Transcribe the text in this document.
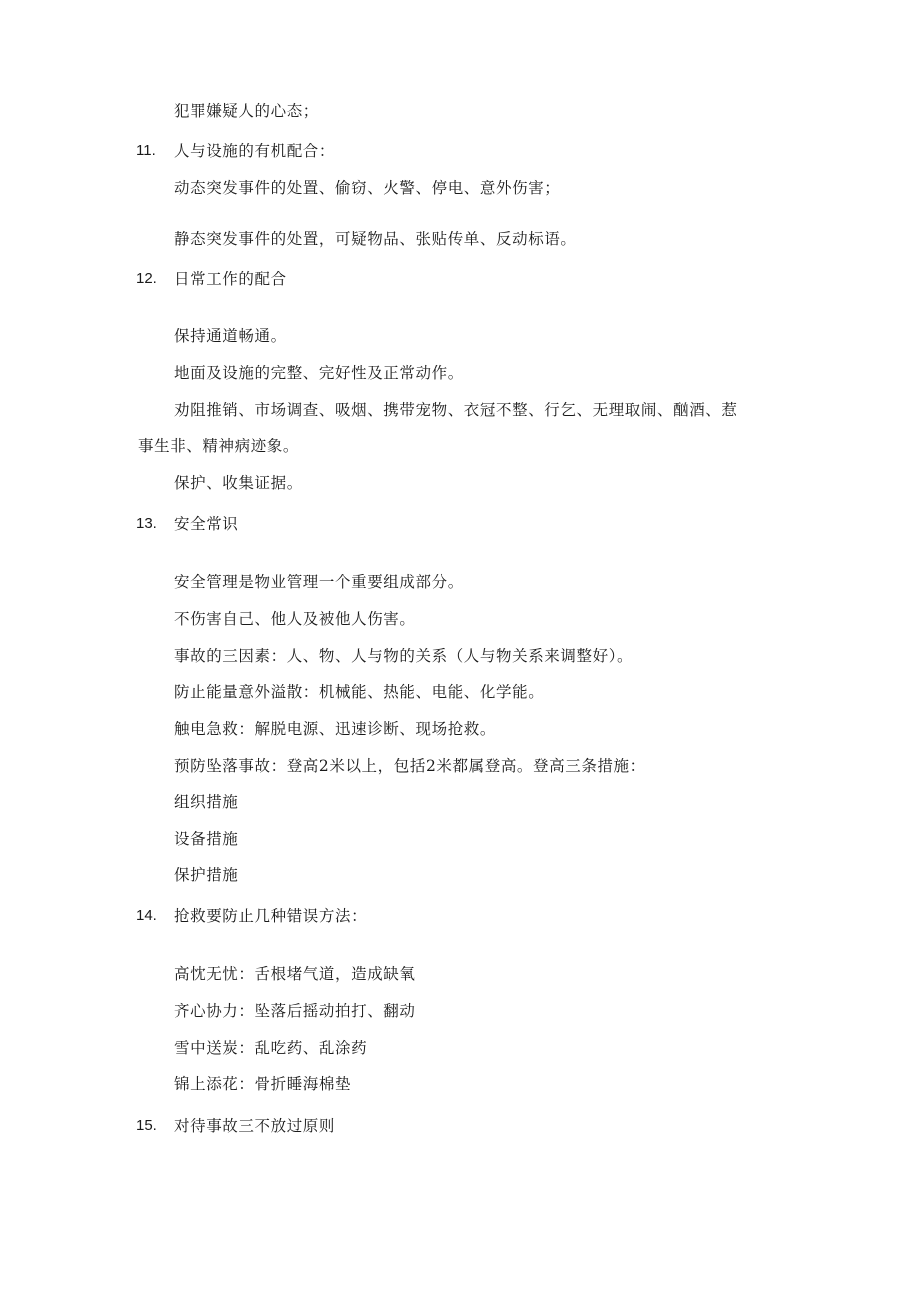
犯罪嫌疑人的心态；
11. 人与设施的有机配合：
动态突发事件的处置、偷窃、火警、停电、意外伤害；
静态突发事件的处置，可疑物品、张贴传单、反动标语。
12. 日常工作的配合
保持通道畅通。
地面及设施的完整、完好性及正常动作。
劝阻推销、市场调查、吸烟、携带宠物、衣冠不整、行乞、无理取闹、酗酒、惹
事生非、精神病迹象。
保护、收集证据。
13. 安全常识
安全管理是物业管理一个重要组成部分。
不伤害自己、他人及被他人伤害。
事故的三因素：人、物、人与物的关系（人与物关系来调整好）。
防止能量意外溢散：机械能、热能、电能、化学能。
触电急救：解脱电源、迅速诊断、现场抢救。
预防坠落事故：登高2米以上，包括2米都属登高。登高三条措施：
组织措施
设备措施
保护措施
14. 抢救要防止几种错误方法：
高忱无忧：舌根堵气道，造成缺氧
齐心协力：坠落后摇动拍打、翻动
雪中送炭：乱吃药、乱涂药
锦上添花：骨折睡海棉垫
15. 对待事故三不放过原则
